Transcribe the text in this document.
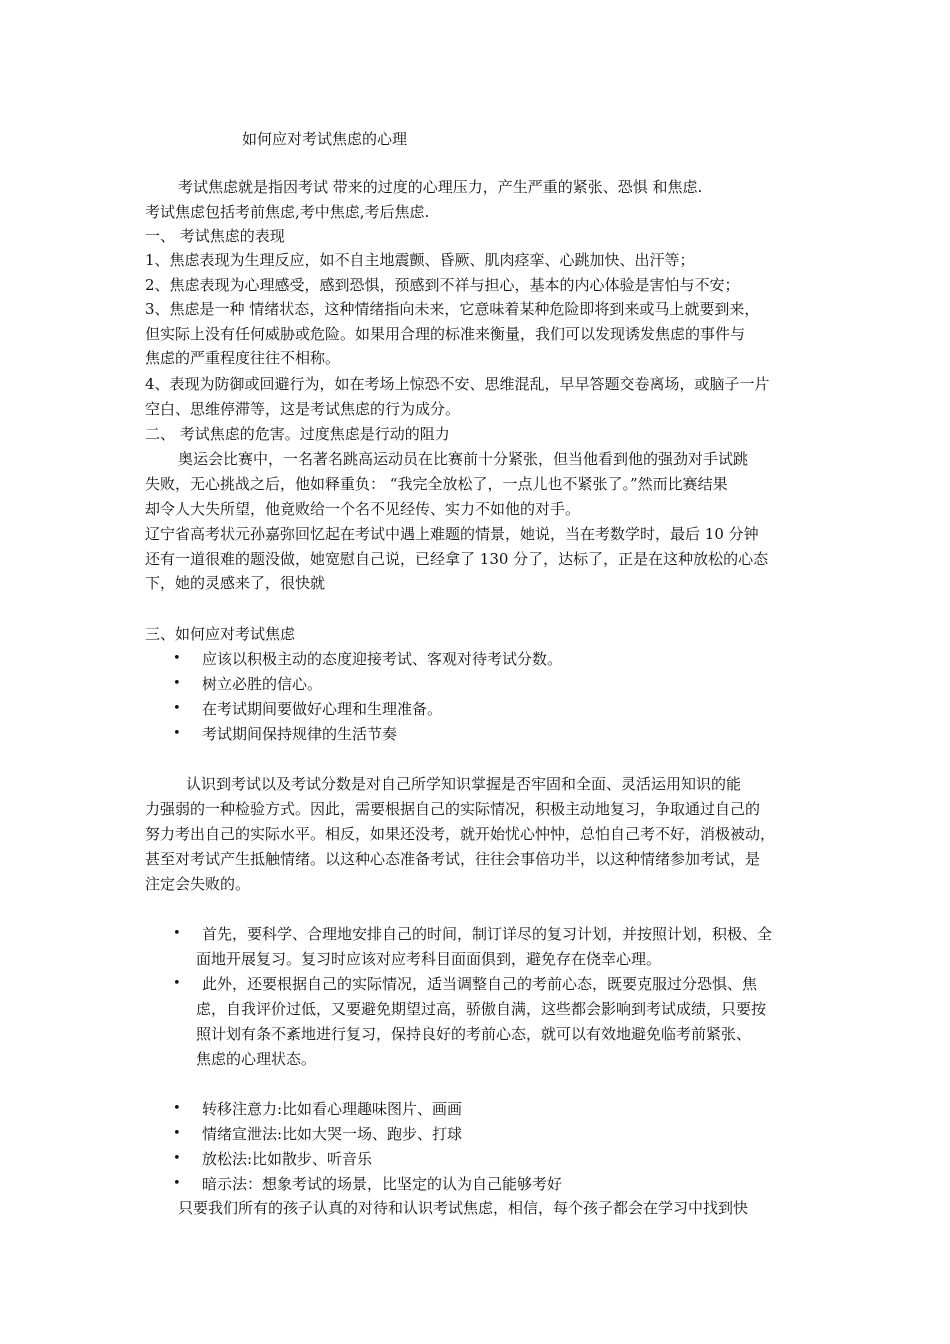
如何应对考试焦虑的心理
考试焦虑就是指因考试 带来的过度的心理压力，产生严重的紧张、恐惧 和焦虑.
考试焦虑包括考前焦虑,考中焦虑,考后焦虑.
一、 考试焦虑的表现
1、焦虑表现为生理反应，如不自主地震颤、昏厥、肌肉痉挛、心跳加快、出汗等；
2、焦虑表现为心理感受，感到恐惧，预感到不祥与担心，基本的内心体验是害怕与不安；
3、焦虑是一种 情绪状态，这种情绪指向未来，它意味着某种危险即将到来或马上就要到来，
但实际上没有任何威胁或危险。如果用合理的标准来衡量，我们可以发现诱发焦虑的事件与
焦虑的严重程度往往不相称。
4、表现为防御或回避行为，如在考场上惊恐不安、思维混乱，早早答题交卷离场，或脑子一片
空白、思维停滞等，这是考试焦虑的行为成分。
二、 考试焦虑的危害。过度焦虑是行动的阻力
奥运会比赛中，一名著名跳高运动员在比赛前十分紧张，但当他看到他的强劲对手试跳
失败，无心挑战之后，他如释重负： “我完全放松了，一点儿也不紧张了。”然而比赛结果
却令人大失所望，他竟败给一个名不见经传、实力不如他的对手。
辽宁省高考状元孙嘉弥回忆起在考试中遇上难题的情景，她说，当在考数学时，最后 10 分钟
还有一道很难的题没做，她宽慰自己说，已经拿了 130 分了，达标了，正是在这种放松的心态
下，她的灵感来了，很快就
三、如何应对考试焦虑
• 应该以积极主动的态度迎接考试、客观对待考试分数。
• 树立必胜的信心。
• 在考试期间要做好心理和生理准备。
• 考试期间保持规律的生活节奏
认识到考试以及考试分数是对自己所学知识掌握是否牢固和全面、灵活运用知识的能
力强弱的一种检验方式。因此，需要根据自己的实际情况，积极主动地复习，争取通过自己的
努力考出自己的实际水平。相反，如果还没考，就开始忧心忡忡，总怕自己考不好，消极被动，
甚至对考试产生抵触情绪。以这种心态准备考试，往往会事倍功半，以这种情绪参加考试，是
注定会失败的。
• 首先，要科学、合理地安排自己的时间，制订详尽的复习计划，并按照计划，积极、全
面地开展复习。复习时应该对应考科目面面俱到，避免存在侥幸心理。
• 此外，还要根据自己的实际情况，适当调整自己的考前心态，既要克服过分恐惧、焦
虑，自我评价过低，又要避免期望过高，骄傲自满，这些都会影响到考试成绩，只要按
照计划有条不紊地进行复习，保持良好的考前心态，就可以有效地避免临考前紧张、
焦虑的心理状态。
• 转移注意力:比如看心理趣味图片、画画
• 情绪宣泄法:比如大哭一场、跑步、打球
• 放松法:比如散步、听音乐
• 暗示法：想象考试的场景，比坚定的认为自己能够考好
只要我们所有的孩子认真的对待和认识考试焦虑，相信，每个孩子都会在学习中找到快
